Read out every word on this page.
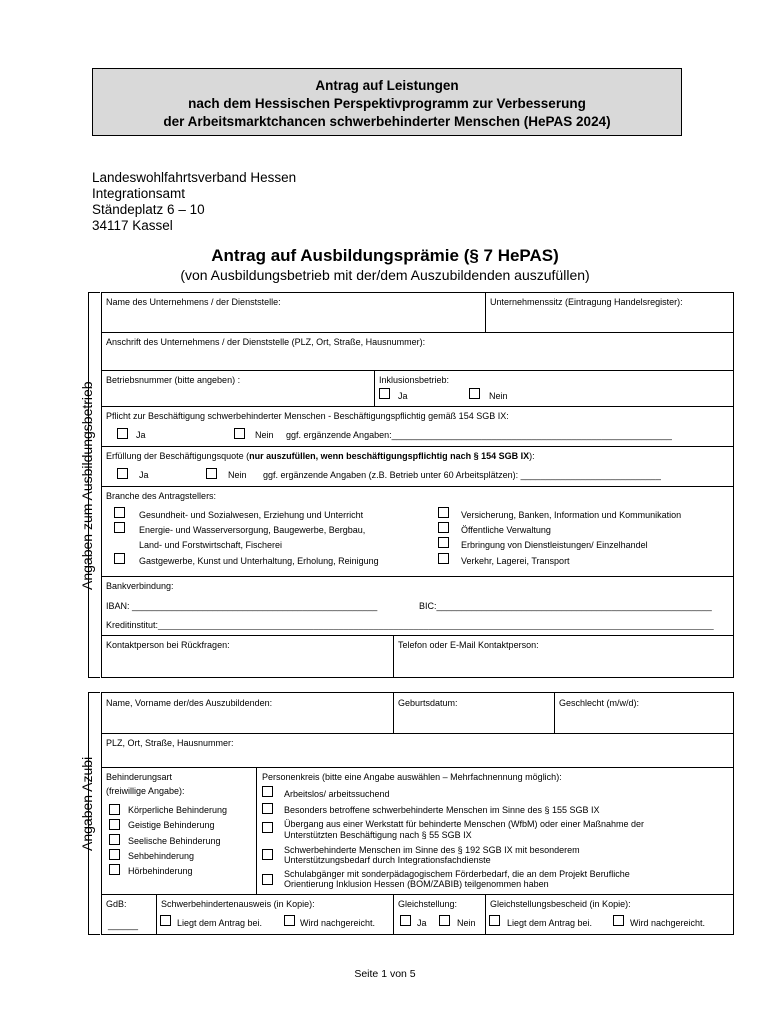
Antrag auf Leistungen
nach dem Hessischen Perspektivprogramm zur Verbesserung
der Arbeitsmarktchancen schwerbehinderter Menschen (HePAS 2024)
Landeswohlfahrtsverband Hessen
Integrationsamt
Ständeplatz 6 – 10
34117 Kassel
Antrag auf Ausbildungsprämie (§ 7 HePAS)
(von Ausbildungsbetrieb mit der/dem Auszubildenden auszufüllen)
Angaben zum Ausbildungsbetrieb
Name des Unternehmens / der Dienststelle:	Unternehmenssitz (Eintragung Handelsregister):
Anschrift des Unternehmens / der Dienststelle (PLZ, Ort, Straße, Hausnummer):
Betriebsnummer (bitte angeben) :	Inklusionsbetrieb:
Ja	Nein
Pflicht zur Beschäftigung schwerbehinderter Menschen - Beschäftigungspflichtig gemäß 154 SGB IX:
Ja	Nein ggf. ergänzende Angaben:________________________________________________________
Erfüllung der Beschäftigungsquote (nur auszufüllen, wenn beschäftigungspflichtig nach § 154 SGB IX):
Ja	Nein ggf. ergänzende Angaben (z.B. Betrieb unter 60 Arbeitsplätzen): ____________________________
Branche des Antragstellers:
Gesundheit- und Sozialwesen, Erziehung und Unterricht
Energie- und Wasserversorgung, Baugewerbe, Bergbau,
Land- und Forstwirtschaft, Fischerei
Gastgewerbe, Kunst und Unterhaltung, Erholung, Reinigung
Versicherung, Banken, Information und Kommunikation
Öffentliche Verwaltung
Erbringung von Dienstleistungen/ Einzelhandel
Verkehr, Lagerei, Transport
Bankverbindung:
IBAN: _________________________________________________	BIC:_______________________________________________________
Kreditinstitut:_______________________________________________________________________________________________________________
Kontaktperson bei Rückfragen:	Telefon oder E-Mail Kontaktperson:
Angaben Azubi
Name, Vorname der/des Auszubildenden:	Geburtsdatum:	Geschlecht (m/w/d):
PLZ, Ort, Straße, Hausnummer:
Behinderungsart
(freiwillige Angabe):
Körperliche Behinderung
Geistige Behinderung
Seelische Behinderung
Sehbehinderung
Hörbehinderung
Personenkreis (bitte eine Angabe auswählen – Mehrfachnennung möglich):
Arbeitslos/ arbeitssuchend
Besonders betroffene schwerbehinderte Menschen im Sinne des § 155 SGB IX
Übergang aus einer Werkstatt für behinderte Menschen (WfbM) oder einer Maßnahme der
Unterstützten Beschäftigung nach § 55 SGB IX
Schwerbehinderte Menschen im Sinne des § 192 SGB IX mit besonderem
Unterstützungsbedarf durch Integrationsfachdienste
Schulabgänger mit sonderpädagogischem Förderbedarf, die an dem Projekt Berufliche
Orientierung Inklusion Hessen (BOM/ZABIB) teilgenommen haben
GdB:
______
Schwerbehindertenausweis (in Kopie):
Liegt dem Antrag bei.	Wird nachgereicht.
Gleichstellung:
Ja	Nein
Gleichstellungsbescheid (in Kopie):
Liegt dem Antrag bei.	Wird nachgereicht.
Seite 1 von 5
